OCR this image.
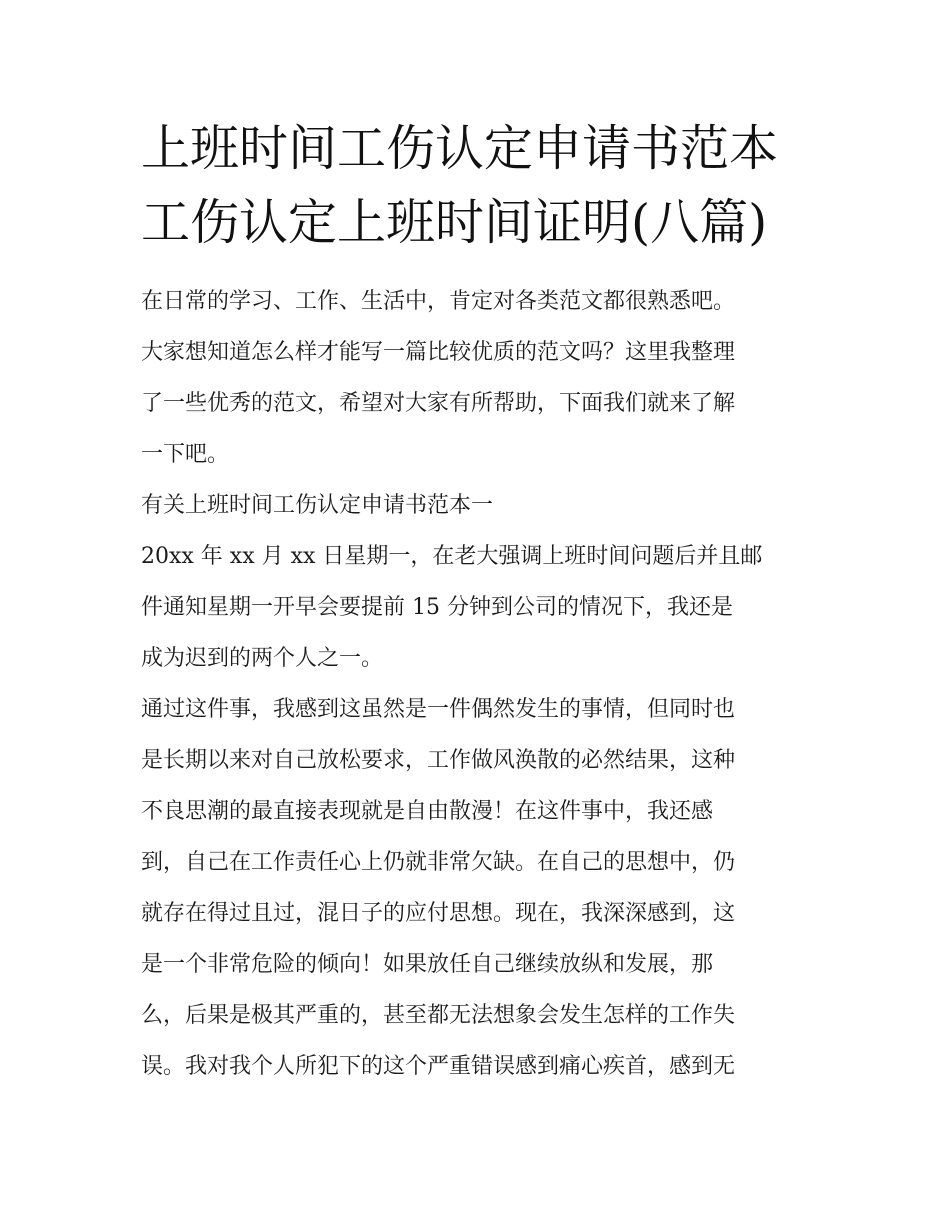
上班时间工伤认定申请书范本
工伤认定上班时间证明(八篇)
在日常的学习、工作、生活中，肯定对各类范文都很熟悉吧。
大家想知道怎么样才能写一篇比较优质的范文吗？这里我整理
了一些优秀的范文，希望对大家有所帮助，下面我们就来了解
一下吧。
有关上班时间工伤认定申请书范本一
20xx 年 xx 月 xx 日星期一，在老大强调上班时间问题后并且邮
件通知星期一开早会要提前 15 分钟到公司的情况下，我还是
成为迟到的两个人之一。
通过这件事，我感到这虽然是一件偶然发生的事情，但同时也
是长期以来对自己放松要求，工作做风涣散的必然结果，这种
不良思潮的最直接表现就是自由散漫！在这件事中，我还感
到，自己在工作责任心上仍就非常欠缺。在自己的思想中，仍
就存在得过且过，混日子的应付思想。现在，我深深感到，这
是一个非常危险的倾向！如果放任自己继续放纵和发展，那
么，后果是极其严重的，甚至都无法想象会发生怎样的工作失
误。我对我个人所犯下的这个严重错误感到痛心疾首，感到无
